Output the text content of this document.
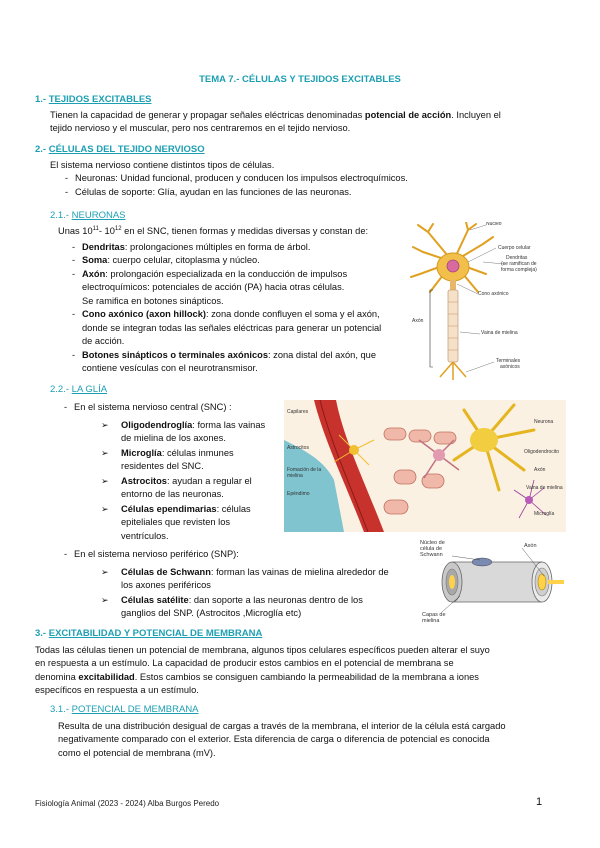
TEMA 7.- CÉLULAS Y TEJIDOS EXCITABLES
1.- TEJIDOS EXCITABLES
Tienen la capacidad de generar y propagar señales eléctricas denominadas potencial de acción. Incluyen el
tejido nervioso y el muscular, pero nos centraremos en el tejido nervioso.
2.- CÉLULAS DEL TEJIDO NERVIOSO
El sistema nervioso contiene distintos tipos de células.
- Neuronas: Unidad funcional, producen y conducen los impulsos electroquímicos.
- Células de soporte: Glía, ayudan en las funciones de las neuronas.
2.1.- NEURONAS
Unas $10^{11}-$ $10^{12}$ en el SNC, tienen formas y medidas diversas y constan de:
- Dendritas: prolongaciones múltiples en forma de árbol.
- Soma: cuerpo celular, citoplasma y núcleo.
- Axón: prolongación especializada en la conducción de impulsos
electroquímicos: potenciales de acción (PA) hacia otras células.
Se ramifica en botones sinápticos.
- Cono axónico (axon hillock): zona donde confluyen el soma y el axón,
donde se integran todas las señales eléctricas para generar un potencial
de acción.
- Botones sinápticos o terminales axónicos: zona distal del axón, que
contiene vesículas con el neurotransmisor.
Núcleo
Cuerpo celular
Dendritas
(se ramifican de
forma compleja)
Cono axónico
Axón
Vaina de mielina
Terminales
axónicos
2.2.- LA GLÍA
- En el sistema nervioso central (SNC) :
➢ Oligodendroglía: forma las vainas
de mielina de los axones.
➢ Microglía: células inmunes
residentes del SNC.
➢ Astrocitos: ayudan a regular el
entorno de las neuronas.
➢ Células ependimarias: células
epiteliales que revisten los
ventrículos.
Capilares
Astrocitos
Fomación de la
mielina
Epéndimo
Neurona
Oligodendrocito
Axón
Vaina de mielina
Microglía
- En el sistema nervioso periférico (SNP):
➢ Células de Schwann: forman las vainas de mielina alrededor de
los axones periféricos
➢ Células satélite: dan soporte a las neuronas dentro de los
ganglios del SNP. (Astrocitos ,Microglía etc)
Núcleo de
célula de
Schwann
Axón
Capas de
mielina
3.- EXCITABILIDAD Y POTENCIAL DE MEMBRANA
Todas las células tienen un potencial de membrana, algunos tipos celulares específicos pueden alterar el suyo
en respuesta a un estímulo. La capacidad de producir estos cambios en el potencial de membrana se
denomina excitabilidad. Estos cambios se consiguen cambiando la permeabilidad de la membrana a iones
específicos en respuesta a un estímulo.
3.1.- POTENCIAL DE MEMBRANA
Resulta de una distribución desigual de cargas a través de la membrana, el interior de la célula está cargado
negativamente comparado con el exterior. Esta diferencia de carga o diferencia de potencial es conocida
como el potencial de membrana (mV).
Fisiología Animal (2023 - 2024) Alba Burgos Peredo	1
